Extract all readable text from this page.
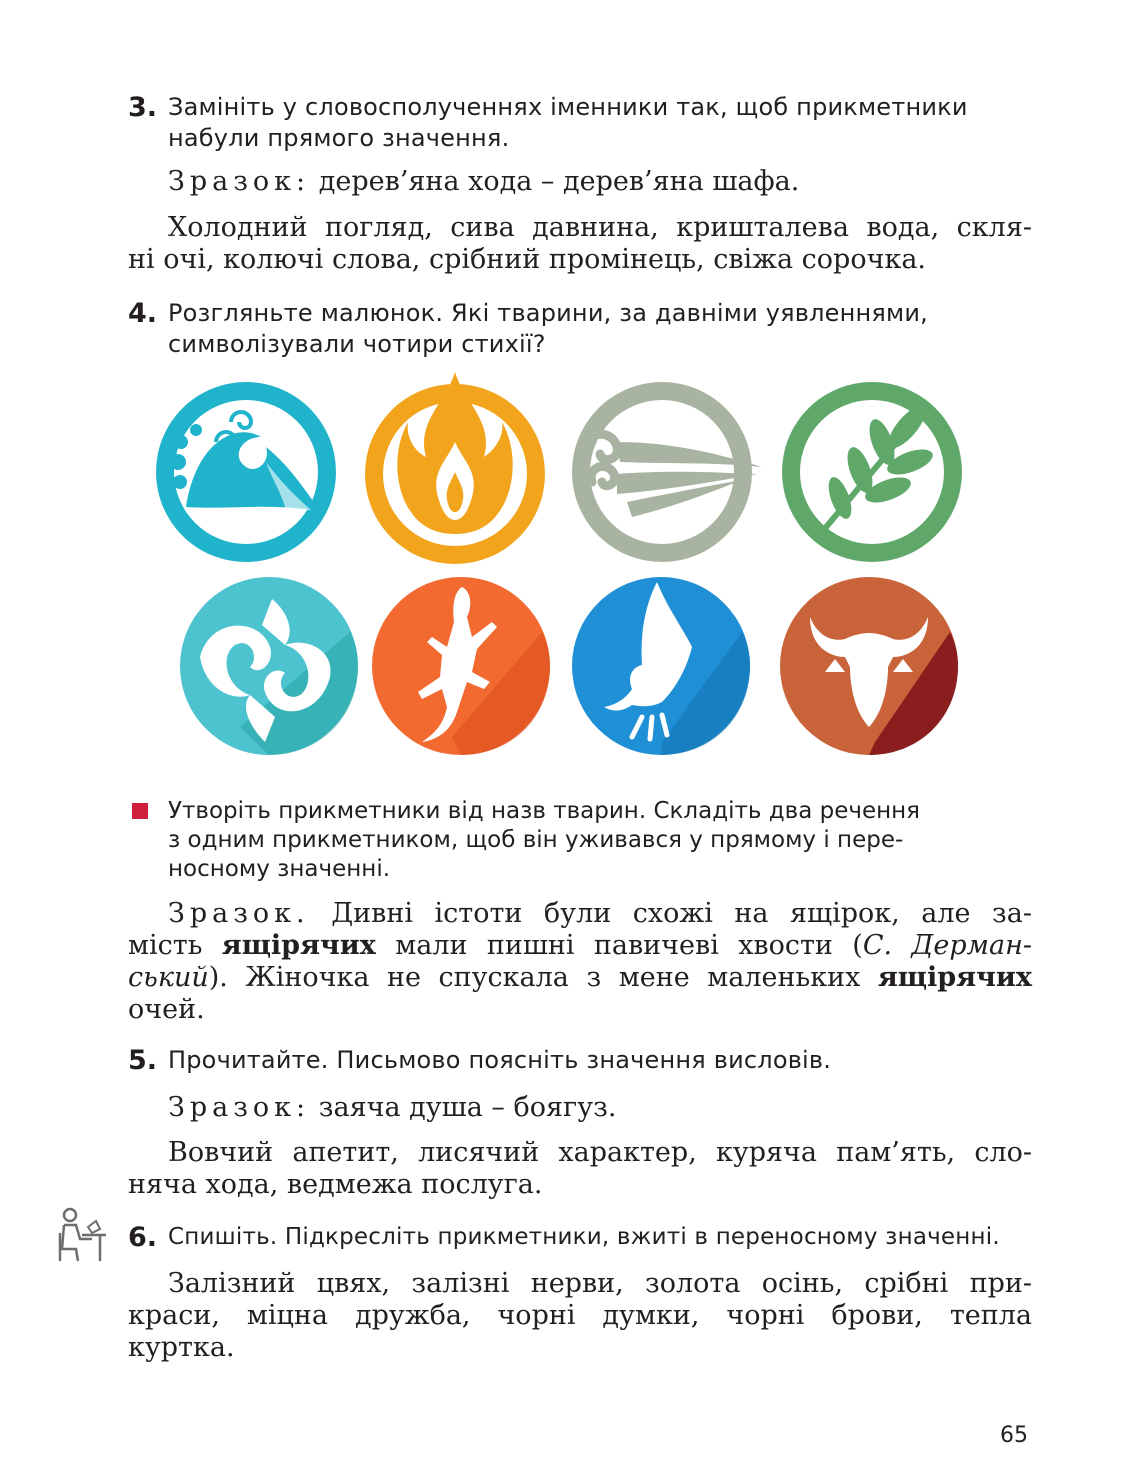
3. Замініть у словосполученнях іменники так, щоб прикметники
набули прямого значення.
Зразок: дерев’яна хода – дерев’яна шафа.
Холодний погляд, сива давнина, кришталева вода, скля-
ні очі, колючі слова, срібний промінець, свіжа сорочка.
4. Розгляньте малюнок. Які тварини, за давніми уявленнями,
символізували чотири стихії?
Утворіть прикметники від назв тварин. Складіть два речення
з одним прикметником, щоб він уживався у прямому і пере-
носному значенні.
Зразок. Дивні істоти були схожі на ящірок, але за-
мість ящірячих мали пишні павичеві хвости (С. Дерман-
ський). Жіночка не спускала з мене маленьких ящірячих
очей.
5. Прочитайте. Письмово поясніть значення висловів.
Зразок: заяча душа – боягуз.
Вовчий апетит, лисячий характер, куряча пам’ять, сло-
няча хода, ведмежа послуга.
6. Спишіть. Підкресліть прикметники, вжиті в переносному значенні.
Залізний цвях, залізні нерви, золота осінь, срібні при-
краси, міцна дружба, чорні думки, чорні брови, тепла
куртка.
65
